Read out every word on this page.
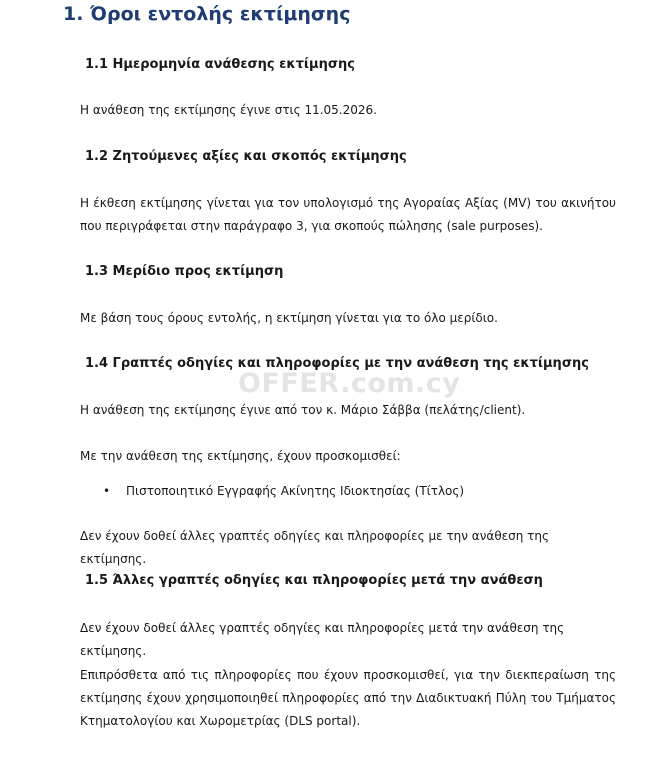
1. Όροι εντολής εκτίμησης
1.1 Ημερομηνία ανάθεσης εκτίμησης
Η ανάθεση της εκτίμησης έγινε στις 11.05.2026.
1.2 Ζητούμενες αξίες και σκοπός εκτίμησης
Η έκθεση εκτίμησης γίνεται για τον υπολογισμό της Αγοραίας Αξίας (MV) του ακινήτου που περιγράφεται στην παράγραφο 3, για σκοπούς πώλησης (sale purposes).
1.3 Μερίδιο προς εκτίμηση
Με βάση τους όρους εντολής, η εκτίμηση γίνεται για το όλο μερίδιο.
1.4 Γραπτές οδηγίες και πληροφορίες με την ανάθεση της εκτίμησης
Η ανάθεση της εκτίμησης έγινε από τον κ. Μάριο Σάββα (πελάτης/client).
Με την ανάθεση της εκτίμησης, έχουν προσκομισθεί:
• Πιστοποιητικό Εγγραφής Ακίνητης Ιδιοκτησίας (Τίτλος)
Δεν έχουν δοθεί άλλες γραπτές οδηγίες και πληροφορίες με την ανάθεση της εκτίμησης.
1.5 Άλλες γραπτές οδηγίες και πληροφορίες μετά την ανάθεση
Δεν έχουν δοθεί άλλες γραπτές οδηγίες και πληροφορίες μετά την ανάθεση της εκτίμησης.
Επιπρόσθετα από τις πληροφορίες που έχουν προσκομισθεί, για την διεκπεραίωση της εκτίμησης έχουν χρησιμοποιηθεί πληροφορίες από την Διαδικτυακή Πύλη του Τμήματος Κτηματολογίου και Χωρομετρίας (DLS portal).
OFFER.com.cy
